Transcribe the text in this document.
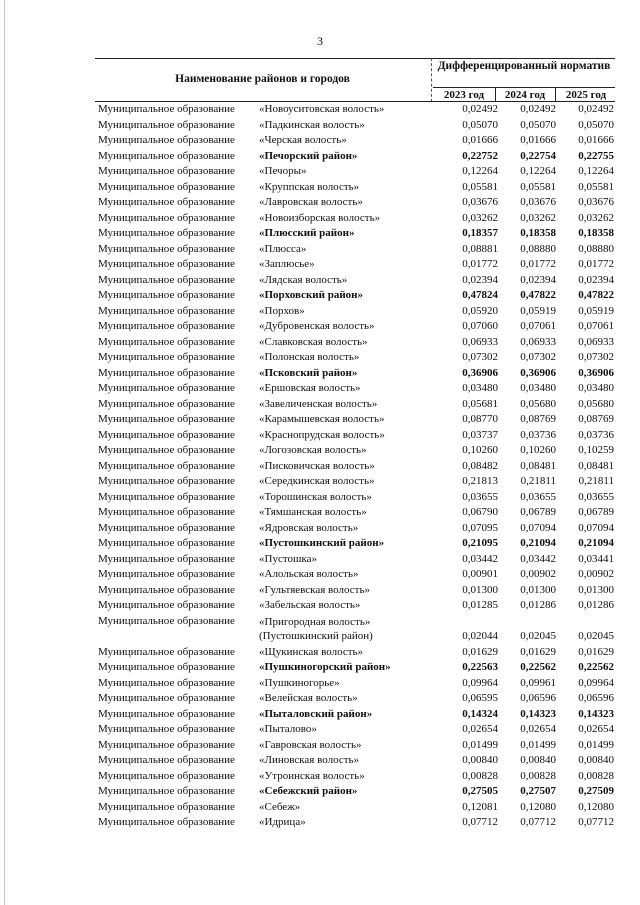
3
Наименование районов и городов
Дифференцированный норматив
2023 год	2024 год	2025 год
Муниципальное образование «Новоуситовская волость»	0,02492	0,02492	0,02492
Муниципальное образование «Падкинская волость»	0,05070	0,05070	0,05070
Муниципальное образование «Черская волость»	0,01666	0,01666	0,01666
Муниципальное образование «Печорский район»	0,22752	0,22754	0,22755
Муниципальное образование «Печоры»	0,12264	0,12264	0,12264
Муниципальное образование «Круппская волость»	0,05581	0,05581	0,05581
Муниципальное образование «Лавровская волость»	0,03676	0,03676	0,03676
Муниципальное образование «Новоизборская волость»	0,03262	0,03262	0,03262
Муниципальное образование «Плюсский район»	0,18357	0,18358	0,18358
Муниципальное образование «Плюсса»	0,08881	0,08880	0,08880
Муниципальное образование «Заплюсье»	0,01772	0,01772	0,01772
Муниципальное образование «Лядская волость»	0,02394	0,02394	0,02394
Муниципальное образование «Порховский район»	0,47824	0,47822	0,47822
Муниципальное образование «Порхов»	0,05920	0,05919	0,05919
Муниципальное образование «Дубровенская волость»	0,07060	0,07061	0,07061
Муниципальное образование «Славковская волость»	0,06933	0,06933	0,06933
Муниципальное образование «Полонская волость»	0,07302	0,07302	0,07302
Муниципальное образование «Псковский район»	0,36906	0,36906	0,36906
Муниципальное образование «Ершовская волость»	0,03480	0,03480	0,03480
Муниципальное образование «Завеличенская волость»	0,05681	0,05680	0,05680
Муниципальное образование «Карамышевская волость»	0,08770	0,08769	0,08769
Муниципальное образование «Краснопрудская волость»	0,03737	0,03736	0,03736
Муниципальное образование «Логозовская волость»	0,10260	0,10260	0,10259
Муниципальное образование «Писковичская волость»	0,08482	0,08481	0,08481
Муниципальное образование «Середкинская волость»	0,21813	0,21811	0,21811
Муниципальное образование «Торошинская волость»	0,03655	0,03655	0,03655
Муниципальное образование «Тямшанская волость»	0,06790	0,06789	0,06789
Муниципальное образование «Ядровская волость»	0,07095	0,07094	0,07094
Муниципальное образование «Пустошкинский район»	0,21095	0,21094	0,21094
Муниципальное образование «Пустошка»	0,03442	0,03442	0,03441
Муниципальное образование «Алольская волость»	0,00901	0,00902	0,00902
Муниципальное образование «Гультяевская волость»	0,01300	0,01300	0,01300
Муниципальное образование «Забельская волость»	0,01285	0,01286	0,01286
Муниципальное образование «Пригородная волость»
(Пустошкинский район)	0,02044	0,02045	0,02045
Муниципальное образование «Щукинская волость»	0,01629	0,01629	0,01629
Муниципальное образование «Пушкиногорский район»	0,22563	0,22562	0,22562
Муниципальное образование «Пушкиногорье»	0,09964	0,09961	0,09964
Муниципальное образование «Велейская волость»	0,06595	0,06596	0,06596
Муниципальное образование «Пыталовский район»	0,14324	0,14323	0,14323
Муниципальное образование «Пыталово»	0,02654	0,02654	0,02654
Муниципальное образование «Гавровская волость»	0,01499	0,01499	0,01499
Муниципальное образование «Линовская волость»	0,00840	0,00840	0,00840
Муниципальное образование «Утроинская волость»	0,00828	0,00828	0,00828
Муниципальное образование «Себежский район»	0,27505	0,27507	0,27509
Муниципальное образование «Себеж»	0,12081	0,12080	0,12080
Муниципальное образование «Идрица»	0,07712	0,07712	0,07712
